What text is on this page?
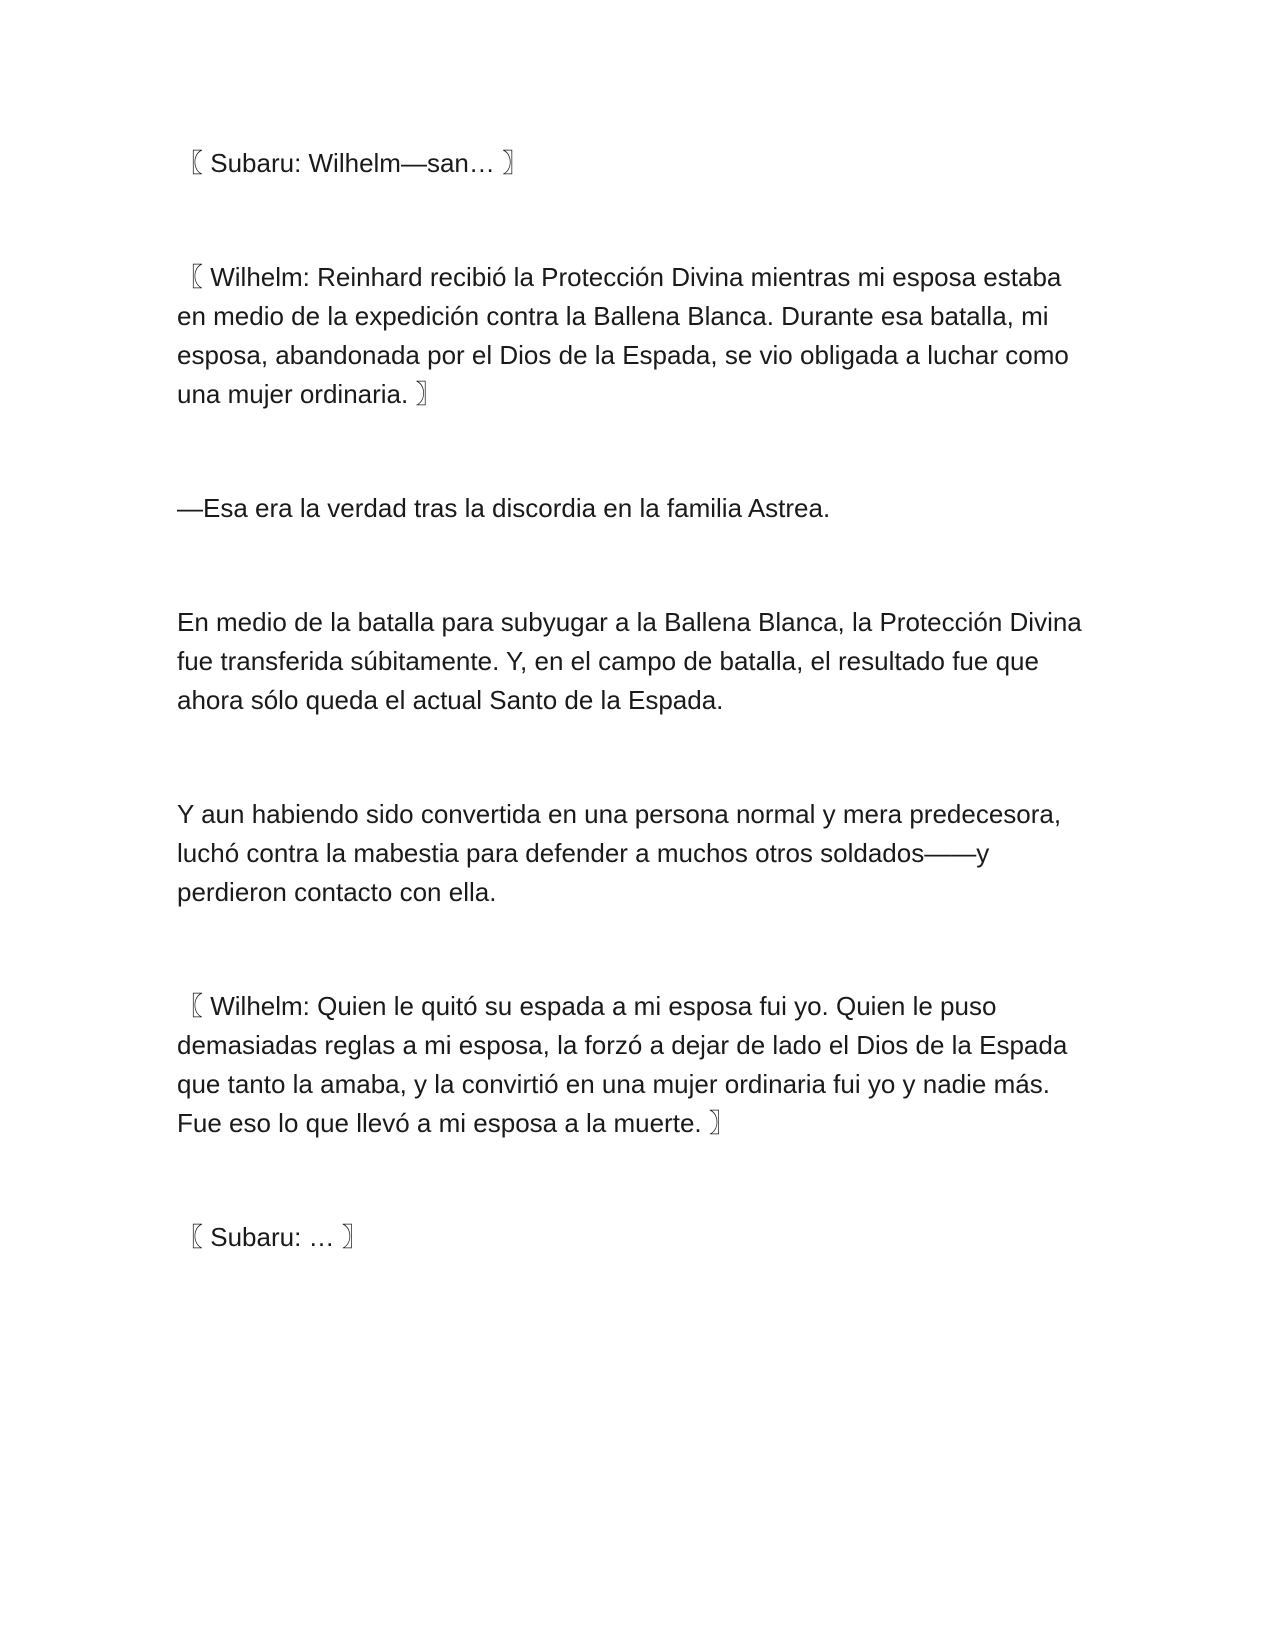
〖 Subaru: Wilhelm—san… 〗

〖 Wilhelm: Reinhard recibió la Protección Divina mientras mi esposa estaba en medio de la expedición contra la Ballena Blanca. Durante esa batalla, mi esposa, abandonada por el Dios de la Espada, se vio obligada a luchar como una mujer ordinaria. 〗

—Esa era la verdad tras la discordia en la familia Astrea.

En medio de la batalla para subyugar a la Ballena Blanca, la Protección Divina fue transferida súbitamente. Y, en el campo de batalla, el resultado fue que ahora sólo queda el actual Santo de la Espada.

Y aun habiendo sido convertida en una persona normal y mera predecesora, luchó contra la mabestia para defender a muchos otros soldados——y perdieron contacto con ella.

〖 Wilhelm: Quien le quitó su espada a mi esposa fui yo. Quien le puso demasiadas reglas a mi esposa, la forzó a dejar de lado el Dios de la Espada que tanto la amaba, y la convirtió en una mujer ordinaria fui yo y nadie más. Fue eso lo que llevó a mi esposa a la muerte. 〗

〖 Subaru: … 〗
